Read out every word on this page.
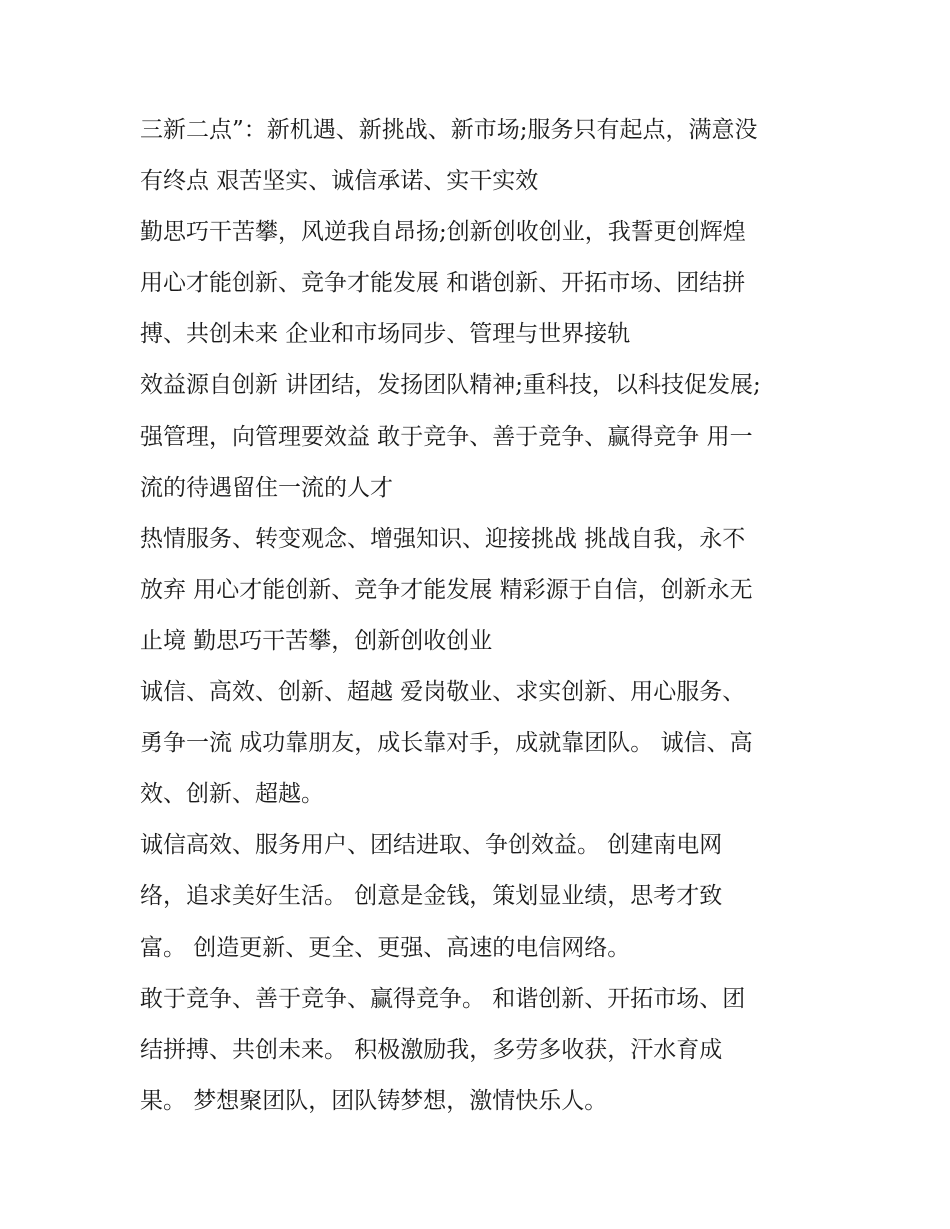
三新二点”：新机遇、新挑战、新市场;服务只有起点，满意没
有终点 艰苦坚实、诚信承诺、实干实效
勤思巧干苦攀，风逆我自昂扬;创新创收创业，我誓更创辉煌
用心才能创新、竞争才能发展 和谐创新、开拓市场、团结拼
搏、共创未来 企业和市场同步、管理与世界接轨
效益源自创新 讲团结，发扬团队精神;重科技，以科技促发展;
强管理，向管理要效益 敢于竞争、善于竞争、赢得竞争 用一
流的待遇留住一流的人才
热情服务、转变观念、增强知识、迎接挑战 挑战自我，永不
放弃 用心才能创新、竞争才能发展 精彩源于自信，创新永无
止境 勤思巧干苦攀，创新创收创业
诚信、高效、创新、超越 爱岗敬业、求实创新、用心服务、
勇争一流 成功靠朋友，成长靠对手，成就靠团队。 诚信、高
效、创新、超越。
诚信高效、服务用户、团结进取、争创效益。 创建南电网
络，追求美好生活。 创意是金钱，策划显业绩，思考才致
富。 创造更新、更全、更强、高速的电信网络。
敢于竞争、善于竞争、赢得竞争。 和谐创新、开拓市场、团
结拼搏、共创未来。 积极激励我，多劳多收获，汗水育成
果。 梦想聚团队，团队铸梦想，激情快乐人。
